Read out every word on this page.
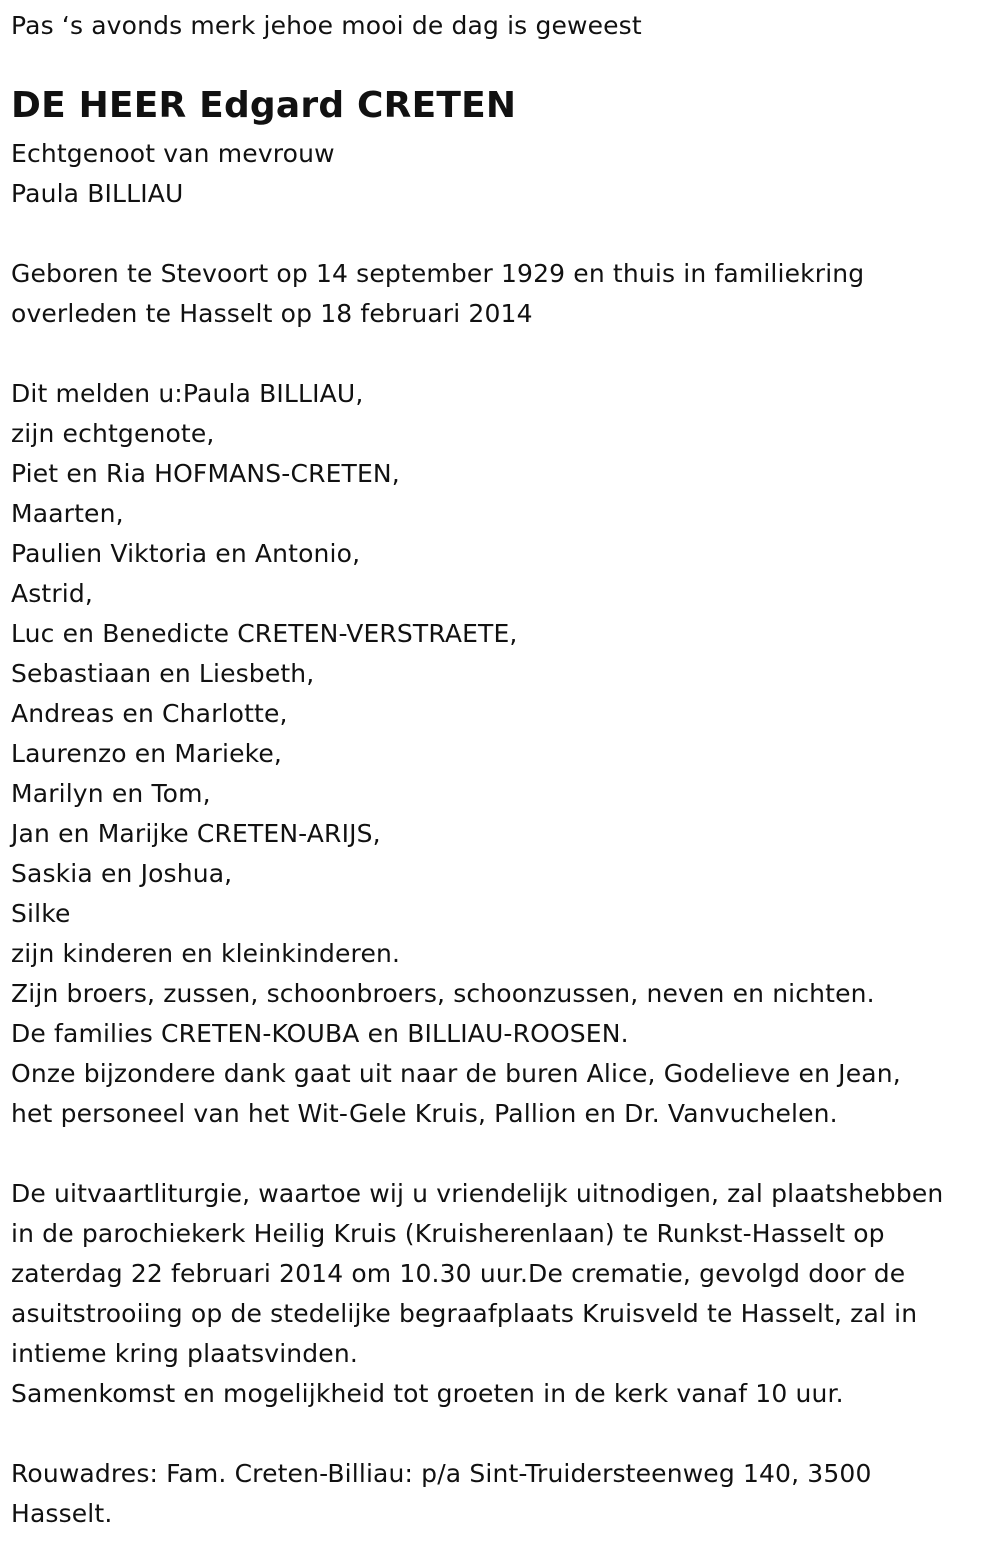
Pas ‘s avonds merk jehoe mooi de dag is geweest

DE HEER Edgard CRETEN

Echtgenoot van mevrouw

Paula BILLIAU

Geboren te Stevoort op 14 september 1929 en thuis in familiekring

overleden te Hasselt op 18 februari 2014

Dit melden u:Paula BILLIAU,

zijn echtgenote,

Piet en Ria HOFMANS-CRETEN,

Maarten,

Paulien Viktoria en Antonio,

Astrid,

Luc en Benedicte CRETEN-VERSTRAETE,

Sebastiaan en Liesbeth,

Andreas en Charlotte,

Laurenzo en Marieke,

Marilyn en Tom,

Jan en Marijke CRETEN-ARIJS,

Saskia en Joshua,

Silke

zijn kinderen en kleinkinderen.

Zijn broers, zussen, schoonbroers, schoonzussen, neven en nichten.

De families CRETEN-KOUBA en BILLIAU-ROOSEN.

Onze bijzondere dank gaat uit naar de buren Alice, Godelieve en Jean,

het personeel van het Wit-Gele Kruis, Pallion en Dr. Vanvuchelen.

De uitvaartliturgie, waartoe wij u vriendelijk uitnodigen, zal plaatshebben

in de parochiekerk Heilig Kruis (Kruisherenlaan) te Runkst-Hasselt op

zaterdag 22 februari 2014 om 10.30 uur.De crematie, gevolgd door de

asuitstrooiing op de stedelijke begraafplaats Kruisveld te Hasselt, zal in

intieme kring plaatsvinden.

Samenkomst en mogelijkheid tot groeten in de kerk vanaf 10 uur.

Rouwadres: Fam. Creten-Billiau: p/a Sint-Truidersteenweg 140, 3500

Hasselt.
